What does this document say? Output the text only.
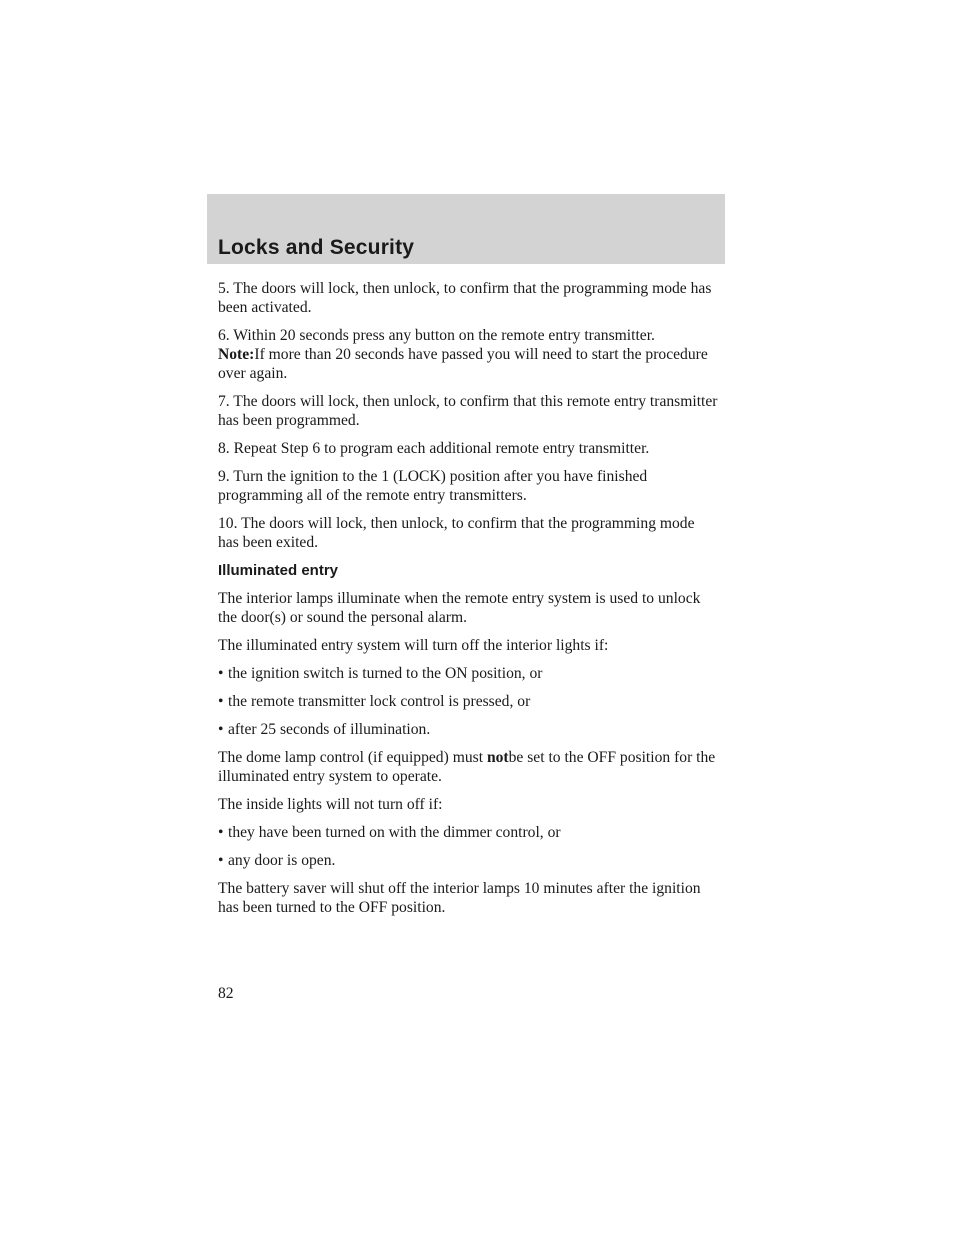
Locks and Security

5. The doors will lock, then unlock, to confirm that the programming mode has been activated.

6. Within 20 seconds press any button on the remote entry transmitter.

Note:If more than 20 seconds have passed you will need to start the procedure over again.

7. The doors will lock, then unlock, to confirm that this remote entry transmitter has been programmed.

8. Repeat Step 6 to program each additional remote entry transmitter.

9. Turn the ignition to the 1 (LOCK) position after you have finished programming all of the remote entry transmitters.

10. The doors will lock, then unlock, to confirm that the programming mode has been exited.

Illuminated entry

The interior lamps illuminate when the remote entry system is used to unlock the door(s) or sound the personal alarm.

The illuminated entry system will turn off the interior lights if:

• the ignition switch is turned to the ON position, or
• the remote transmitter lock control is pressed, or
• after 25 seconds of illumination.

The dome lamp control (if equipped) must notbe set to the OFF position for the illuminated entry system to operate.

The inside lights will not turn off if:

• they have been turned on with the dimmer control, or
• any door is open.

The battery saver will shut off the interior lamps 10 minutes after the ignition has been turned to the OFF position.

82
